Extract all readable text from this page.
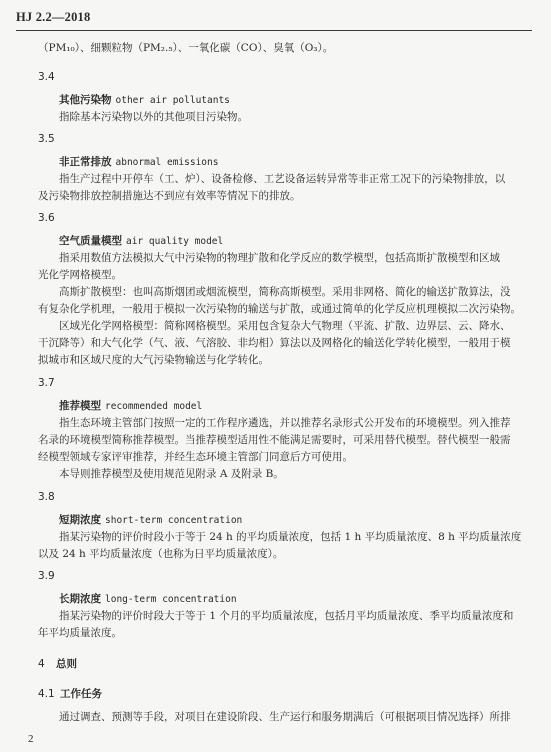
HJ 2.2—2018
（PM₁₀）、细颗粒物（PM₂.₅）、一氧化碳（CO）、臭氧（O₃）。
3.4
其他污染物 other air pollutants
指除基本污染物以外的其他项目污染物。
3.5
非正常排放 abnormal emissions
指生产过程中开停车（工、炉）、设备检修、工艺设备运转异常等非正常工况下的污染物排放，以
及污染物排放控制措施达不到应有效率等情况下的排放。
3.6
空气质量模型 air quality model
指采用数值方法模拟大气中污染物的物理扩散和化学反应的数学模型，包括高斯扩散模型和区域
光化学网格模型。
高斯扩散模型：也叫高斯烟团或烟流模型，简称高斯模型。采用非网格、简化的输送扩散算法，没
有复杂化学机理，一般用于模拟一次污染物的输送与扩散，或通过简单的化学反应机理模拟二次污染物。
区域光化学网格模型：简称网格模型。采用包含复杂大气物理（平流、扩散、边界层、云、降水、
干沉降等）和大气化学（气、液、气溶胶、非均相）算法以及网格化的输送化学转化模型，一般用于模
拟城市和区域尺度的大气污染物输送与化学转化。
3.7
推荐模型 recommended model
指生态环境主管部门按照一定的工作程序遴选，并以推荐名录形式公开发布的环境模型。列入推荐
名录的环境模型简称推荐模型。当推荐模型适用性不能满足需要时，可采用替代模型。替代模型一般需
经模型领域专家评审推荐，并经生态环境主管部门同意后方可使用。
本导则推荐模型及使用规范见附录 A 及附录 B。
3.8
短期浓度 short-term concentration
指某污染物的评价时段小于等于 24 h 的平均质量浓度，包括 1 h 平均质量浓度、8 h 平均质量浓度
以及 24 h 平均质量浓度（也称为日平均质量浓度）。
3.9
长期浓度 long-term concentration
指某污染物的评价时段大于等于 1 个月的平均质量浓度，包括月平均质量浓度、季平均质量浓度和
年平均质量浓度。
4 总则
4.1 工作任务
通过调查、预测等手段，对项目在建设阶段、生产运行和服务期满后（可根据项目情况选择）所排
2
